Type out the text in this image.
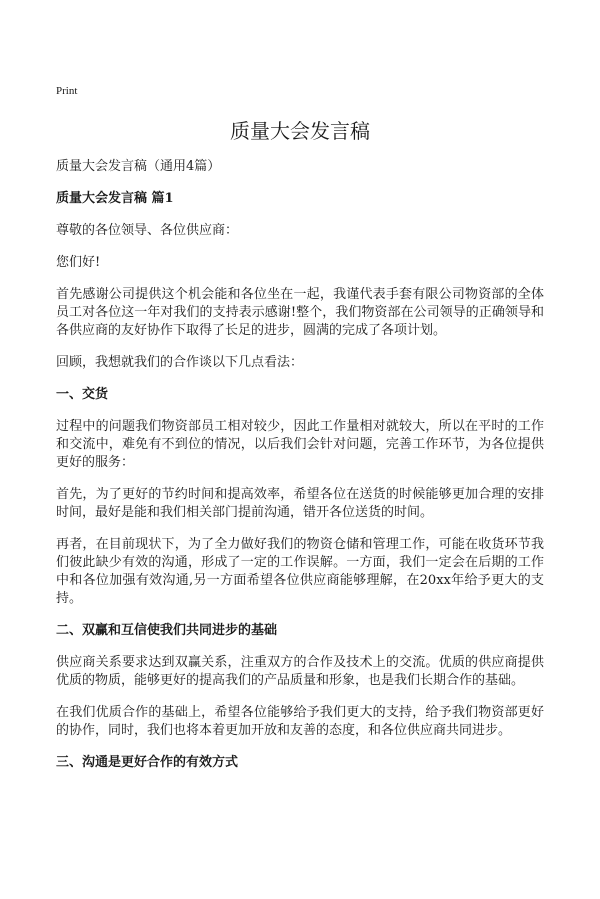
Print
质量大会发言稿

质量大会发言稿（通用4篇）

质量大会发言稿 篇1

尊敬的各位领导、各位供应商：

您们好!

首先感谢公司提供这个机会能和各位坐在一起，我谨代表手套有限公司物资部的全体员工对各位这一年对我们的支持表示感谢!整个，我们物资部在公司领导的正确领导和各供应商的友好协作下取得了长足的进步，圆满的完成了各项计划。

回顾，我想就我们的合作谈以下几点看法：

一、交货

过程中的问题我们物资部员工相对较少，因此工作量相对就较大，所以在平时的工作和交流中，难免有不到位的情况，以后我们会针对问题，完善工作环节，为各位提供更好的服务：

首先，为了更好的节约时间和提高效率，希望各位在送货的时候能够更加合理的安排时间，最好是能和我们相关部门提前沟通，错开各位送货的时间。

再者，在目前现状下，为了全力做好我们的物资仓储和管理工作，可能在收货环节我们彼此缺少有效的沟通，形成了一定的工作误解。一方面，我们一定会在后期的工作中和各位加强有效沟通,另一方面希望各位供应商能够理解，在20xx年给予更大的支持。

二、双赢和互信使我们共同进步的基础

供应商关系要求达到双赢关系，注重双方的合作及技术上的交流。优质的供应商提供优质的物质，能够更好的提高我们的产品质量和形象，也是我们长期合作的基础。

在我们优质合作的基础上，希望各位能够给予我们更大的支持，给予我们物资部更好的协作，同时，我们也将本着更加开放和友善的态度，和各位供应商共同进步。

三、沟通是更好合作的有效方式
